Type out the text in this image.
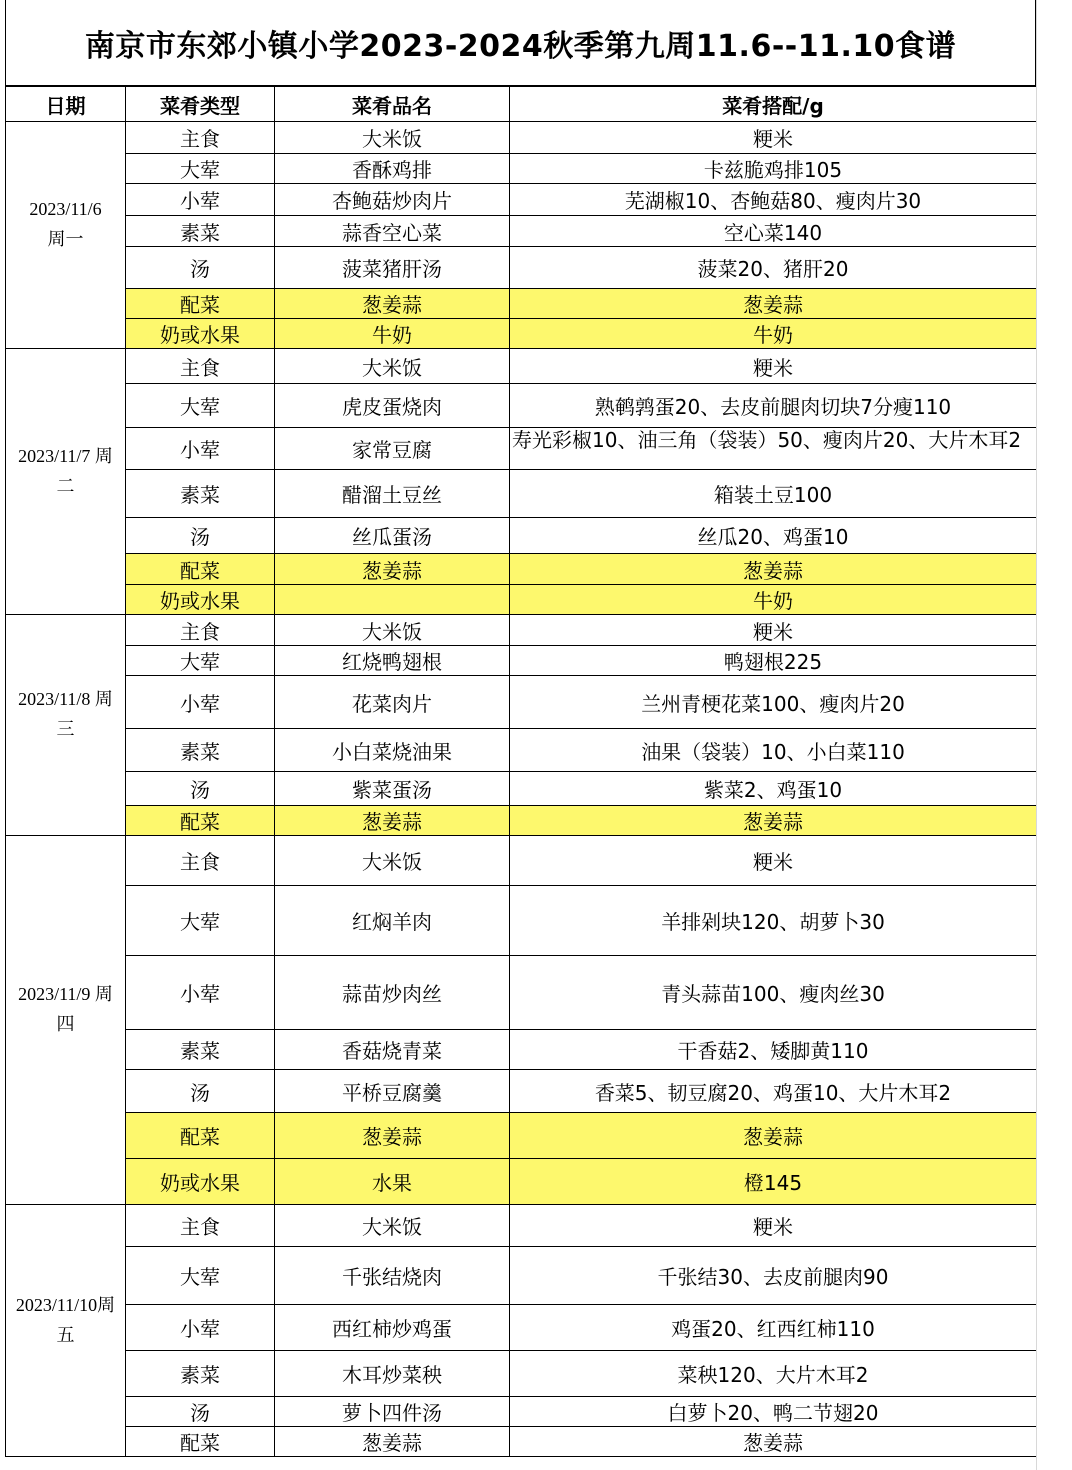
南京市东郊小镇小学2023-2024秋季第九周11.6--11.10食谱
日期	菜肴类型	菜肴品名	菜肴搭配/g

2023/11/6
周一	主食	大米饭	粳米
	大荤	香酥鸡排	卡兹脆鸡排105
	小荤	杏鲍菇炒肉片	芜湖椒10、杏鲍菇80、瘦肉片30
	素菜	蒜香空心菜	空心菜140
	汤	菠菜猪肝汤	菠菜20、猪肝20
	配菜	葱姜蒜	葱姜蒜
	奶或水果	牛奶	牛奶

2023/11/7 周
二	主食	大米饭	粳米
	大荤	虎皮蛋烧肉	熟鹌鹑蛋20、去皮前腿肉切块7分瘦110
	小荤	家常豆腐	寿光彩椒10、油三角（袋装）50、瘦肉片20、大片木耳2
	素菜	醋溜土豆丝	箱装土豆100
	汤	丝瓜蛋汤	丝瓜20、鸡蛋10
	配菜	葱姜蒜	葱姜蒜
	奶或水果		牛奶

2023/11/8 周
三	主食	大米饭	粳米
	大荤	红烧鸭翅根	鸭翅根225
	小荤	花菜肉片	兰州青梗花菜100、瘦肉片20
	素菜	小白菜烧油果	油果（袋装）10、小白菜110
	汤	紫菜蛋汤	紫菜2、鸡蛋10
	配菜	葱姜蒜	葱姜蒜

2023/11/9 周
四	主食	大米饭	粳米
	大荤	红焖羊肉	羊排剁块120、胡萝卜30
	小荤	蒜苗炒肉丝	青头蒜苗100、瘦肉丝30
	素菜	香菇烧青菜	干香菇2、矮脚黄110
	汤	平桥豆腐羹	香菜5、韧豆腐20、鸡蛋10、大片木耳2
	配菜	葱姜蒜	葱姜蒜
	奶或水果	水果	橙145

2023/11/10周
五	主食	大米饭	粳米
	大荤	千张结烧肉	千张结30、去皮前腿肉90
	小荤	西红柿炒鸡蛋	鸡蛋20、红西红柿110
	素菜	木耳炒菜秧	菜秧120、大片木耳2
	汤	萝卜四件汤	白萝卜20、鸭二节翅20
	配菜	葱姜蒜	葱姜蒜
